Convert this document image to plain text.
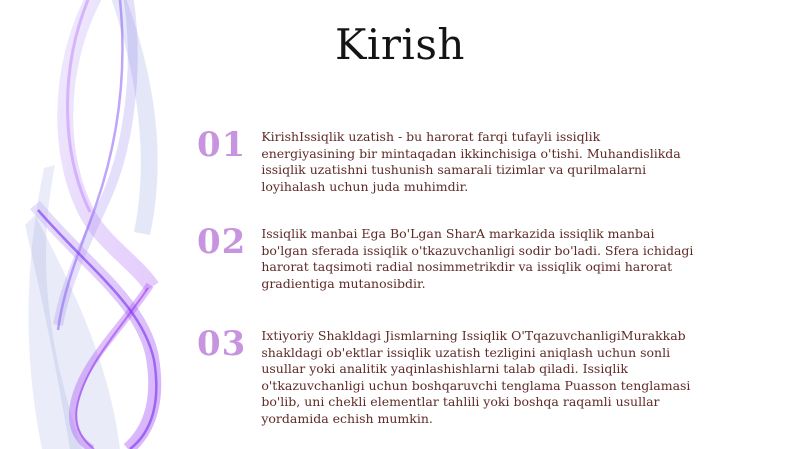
Kirish
01 KirishIssiqlik uzatish - bu harorat farqi tufayli issiqlik energiyasining bir mintaqadan ikkinchisiga o'tishi. Muhandislikda issiqlik uzatishni tushunish samarali tizimlar va qurilmalarni loyihalash uchun juda muhimdir.

02 Issiqlik manbai Ega Bo'Lgan SharA markazida issiqlik manbai bo'lgan sferada issiqlik o'tkazuvchanligi sodir bo'ladi. Sfera ichidagi harorat taqsimoti radial nosimmetrikdir va issiqlik oqimi harorat gradientiga mutanosibdir.

03 Ixtiyoriy Shakldagi Jismlarning Issiqlik O'TqazuvchanligiMurakkab shakldagi ob'ektlar issiqlik uzatish tezligini aniqlash uchun sonli usullar yoki analitik yaqinlashishlarni talab qiladi. Issiqlik o'tkazuvchanligi uchun boshqaruvchi tenglama Puasson tenglamasi bo'lib, uni chekli elementlar tahlili yoki boshqa raqamli usullar yordamida echish mumkin.
